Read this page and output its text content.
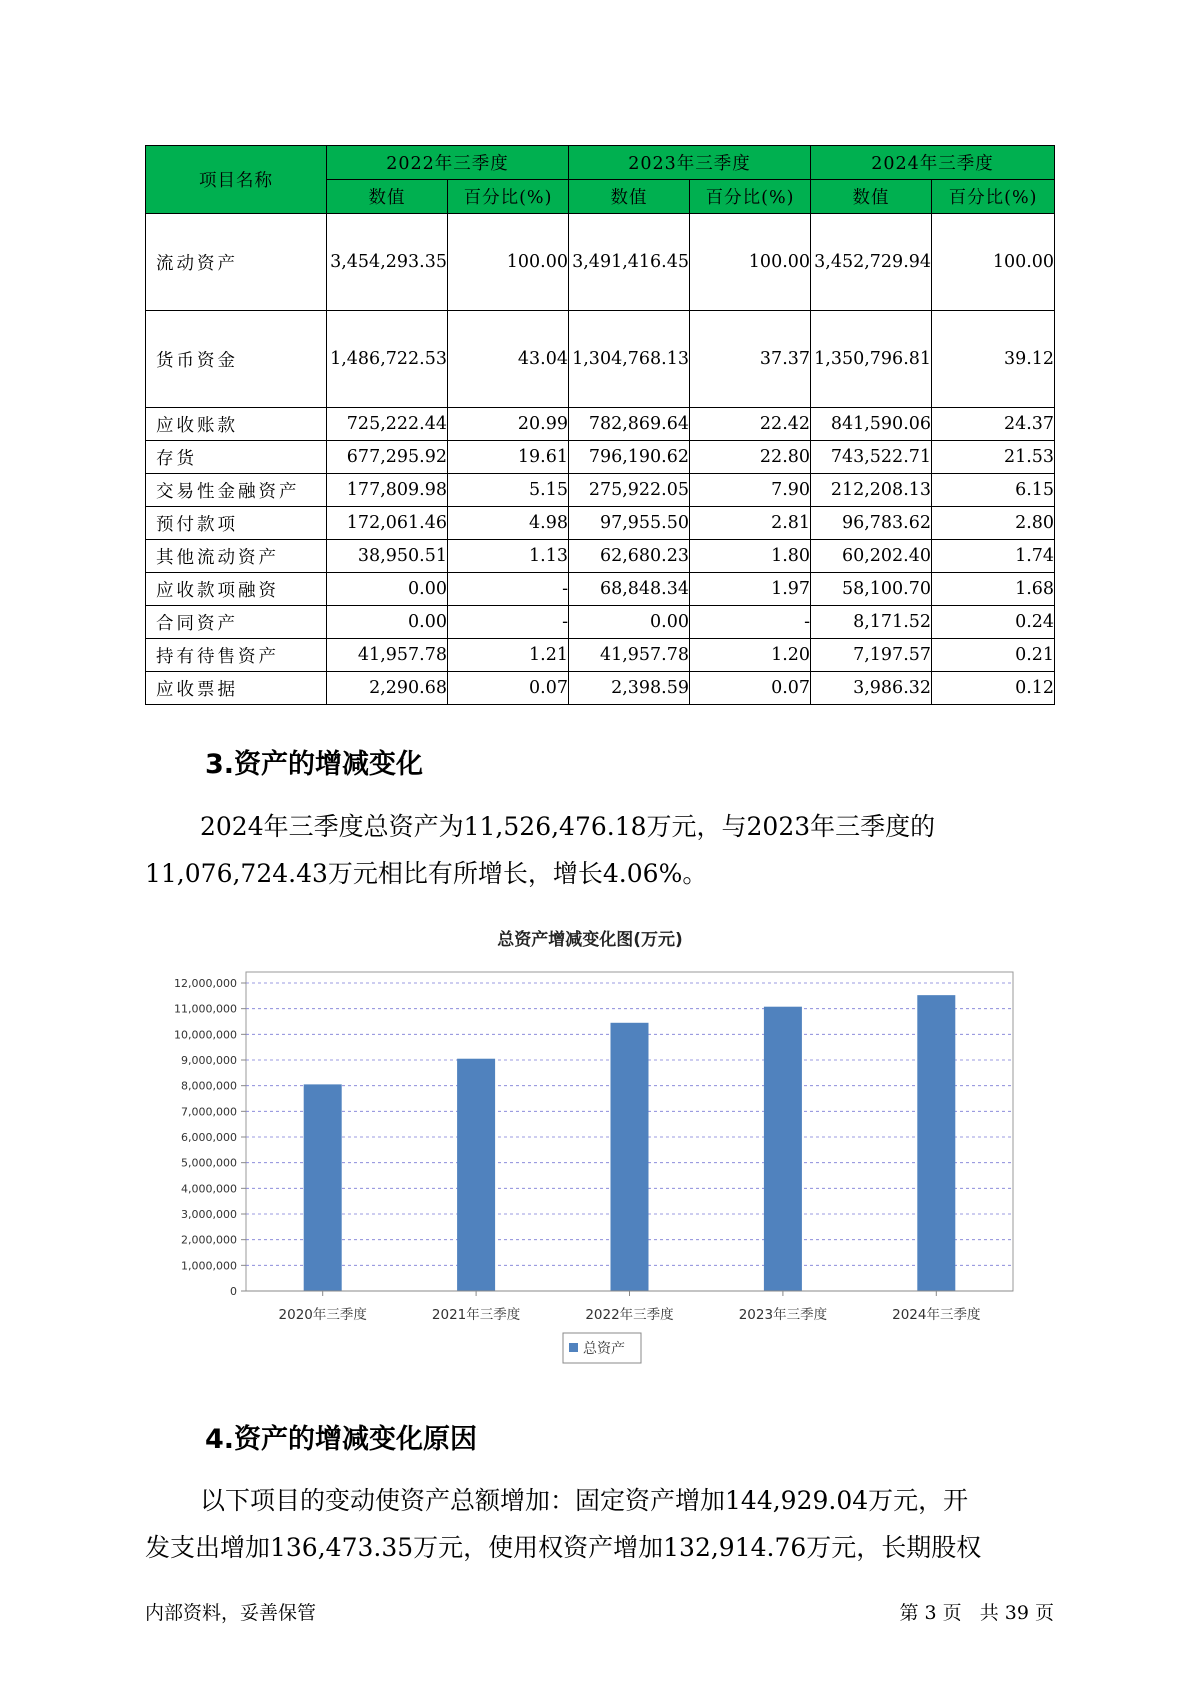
项目名称	2022年三季度		2023年三季度		2024年三季度	
	数值	百分比(%)	数值	百分比(%)	数值	百分比(%)
流动资产	3,454,293.35	100.00	3,491,416.45	100.00	3,452,729.94	100.00
货币资金	1,486,722.53	43.04	1,304,768.13	37.37	1,350,796.81	39.12
应收账款	725,222.44	20.99	782,869.64	22.42	841,590.06	24.37
存货	677,295.92	19.61	796,190.62	22.80	743,522.71	21.53
交易性金融资产	177,809.98	5.15	275,922.05	7.90	212,208.13	6.15
预付款项	172,061.46	4.98	97,955.50	2.81	96,783.62	2.80
其他流动资产	38,950.51	1.13	62,680.23	1.80	60,202.40	1.74
应收款项融资	0.00	-	68,848.34	1.97	58,100.70	1.68
合同资产	0.00	-	0.00	-	8,171.52	0.24
持有待售资产	41,957.78	1.21	41,957.78	1.20	7,197.57	0.21
应收票据	2,290.68	0.07	2,398.59	0.07	3,986.32	0.12
3.资产的增减变化
2024年三季度总资产为11,526,476.18万元，与2023年三季度的
11,076,724.43万元相比有所增长，增长4.06%。
总资产增减变化图(万元)
0
1,000,000
2,000,000
3,000,000
4,000,000
5,000,000
6,000,000
7,000,000
8,000,000
9,000,000
10,000,000
11,000,000
12,000,000
2020年三季度	2021年三季度	2022年三季度	2023年三季度	2024年三季度
总资产
4.资产的增减变化原因
以下项目的变动使资产总额增加：固定资产增加144,929.04万元，开
发支出增加136,473.35万元，使用权资产增加132,914.76万元，长期股权
内部资料，妥善保管	第 3 页   共 39 页
